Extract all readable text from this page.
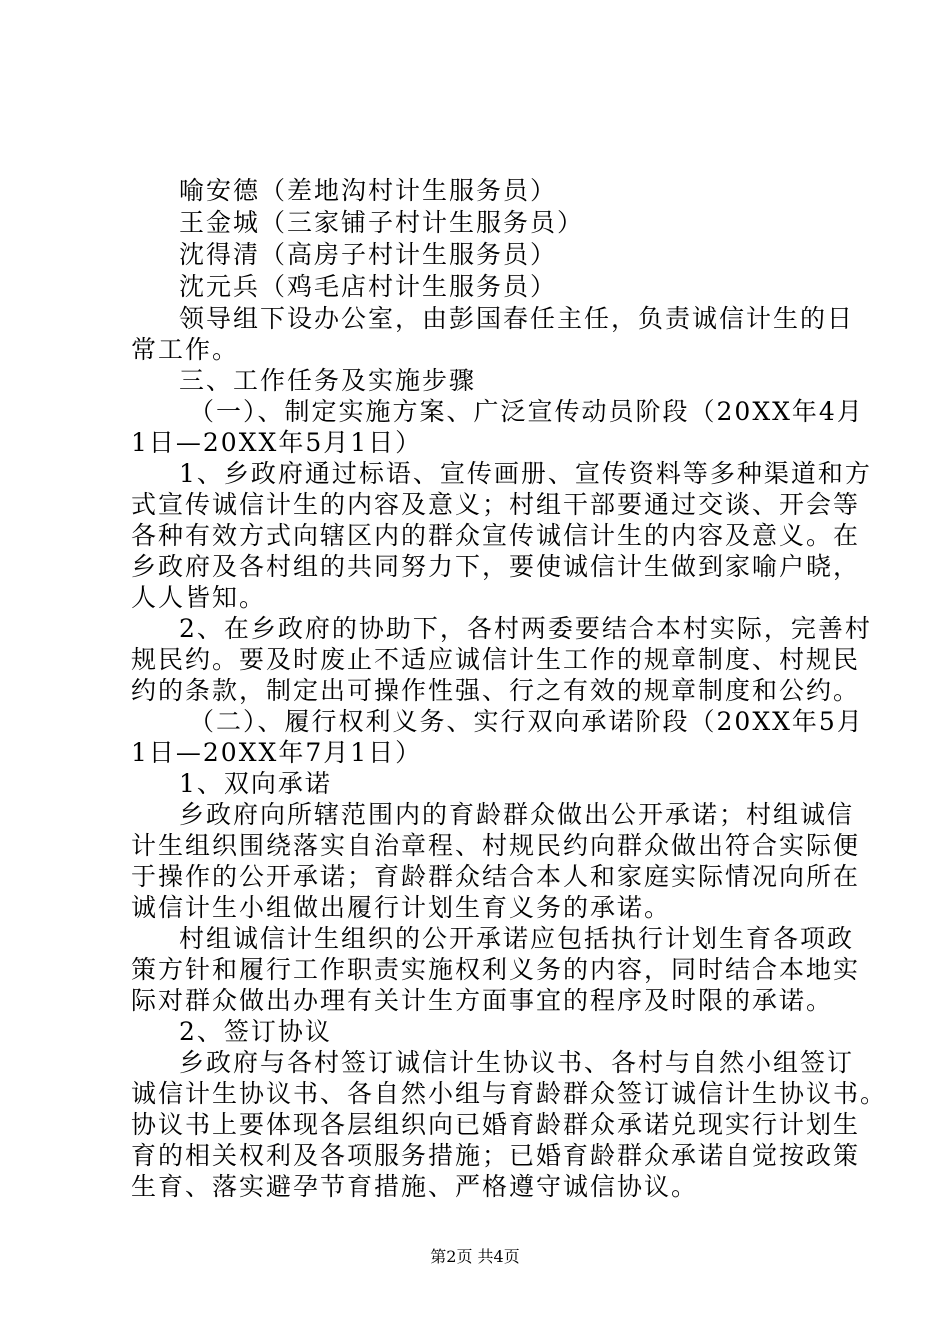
喻安德（差地沟村计生服务员）
王金城（三家铺子村计生服务员）
沈得清（高房子村计生服务员）
沈元兵（鸡毛店村计生服务员）
领导组下设办公室，由彭国春任主任，负责诚信计生的日
常工作。
三、工作任务及实施步骤
（一）、制定实施方案、广泛宣传动员阶段（20XX年4月
1日—20XX年5月1日）
1、乡政府通过标语、宣传画册、宣传资料等多种渠道和方
式宣传诚信计生的内容及意义；村组干部要通过交谈、开会等
各种有效方式向辖区内的群众宣传诚信计生的内容及意义。在
乡政府及各村组的共同努力下，要使诚信计生做到家喻户晓，
人人皆知。
2、在乡政府的协助下，各村两委要结合本村实际，完善村
规民约。要及时废止不适应诚信计生工作的规章制度、村规民
约的条款，制定出可操作性强、行之有效的规章制度和公约。
（二）、履行权利义务、实行双向承诺阶段（20XX年5月
1日—20XX年7月1日）
1、双向承诺
乡政府向所辖范围内的育龄群众做出公开承诺；村组诚信
计生组织围绕落实自治章程、村规民约向群众做出符合实际便
于操作的公开承诺；育龄群众结合本人和家庭实际情况向所在
诚信计生小组做出履行计划生育义务的承诺。
村组诚信计生组织的公开承诺应包括执行计划生育各项政
策方针和履行工作职责实施权利义务的内容，同时结合本地实
际对群众做出办理有关计生方面事宜的程序及时限的承诺。
2、签订协议
乡政府与各村签订诚信计生协议书、各村与自然小组签订
诚信计生协议书、各自然小组与育龄群众签订诚信计生协议书。
协议书上要体现各层组织向已婚育龄群众承诺兑现实行计划生
育的相关权利及各项服务措施；已婚育龄群众承诺自觉按政策
生育、落实避孕节育措施、严格遵守诚信协议。
第2页 共4页
